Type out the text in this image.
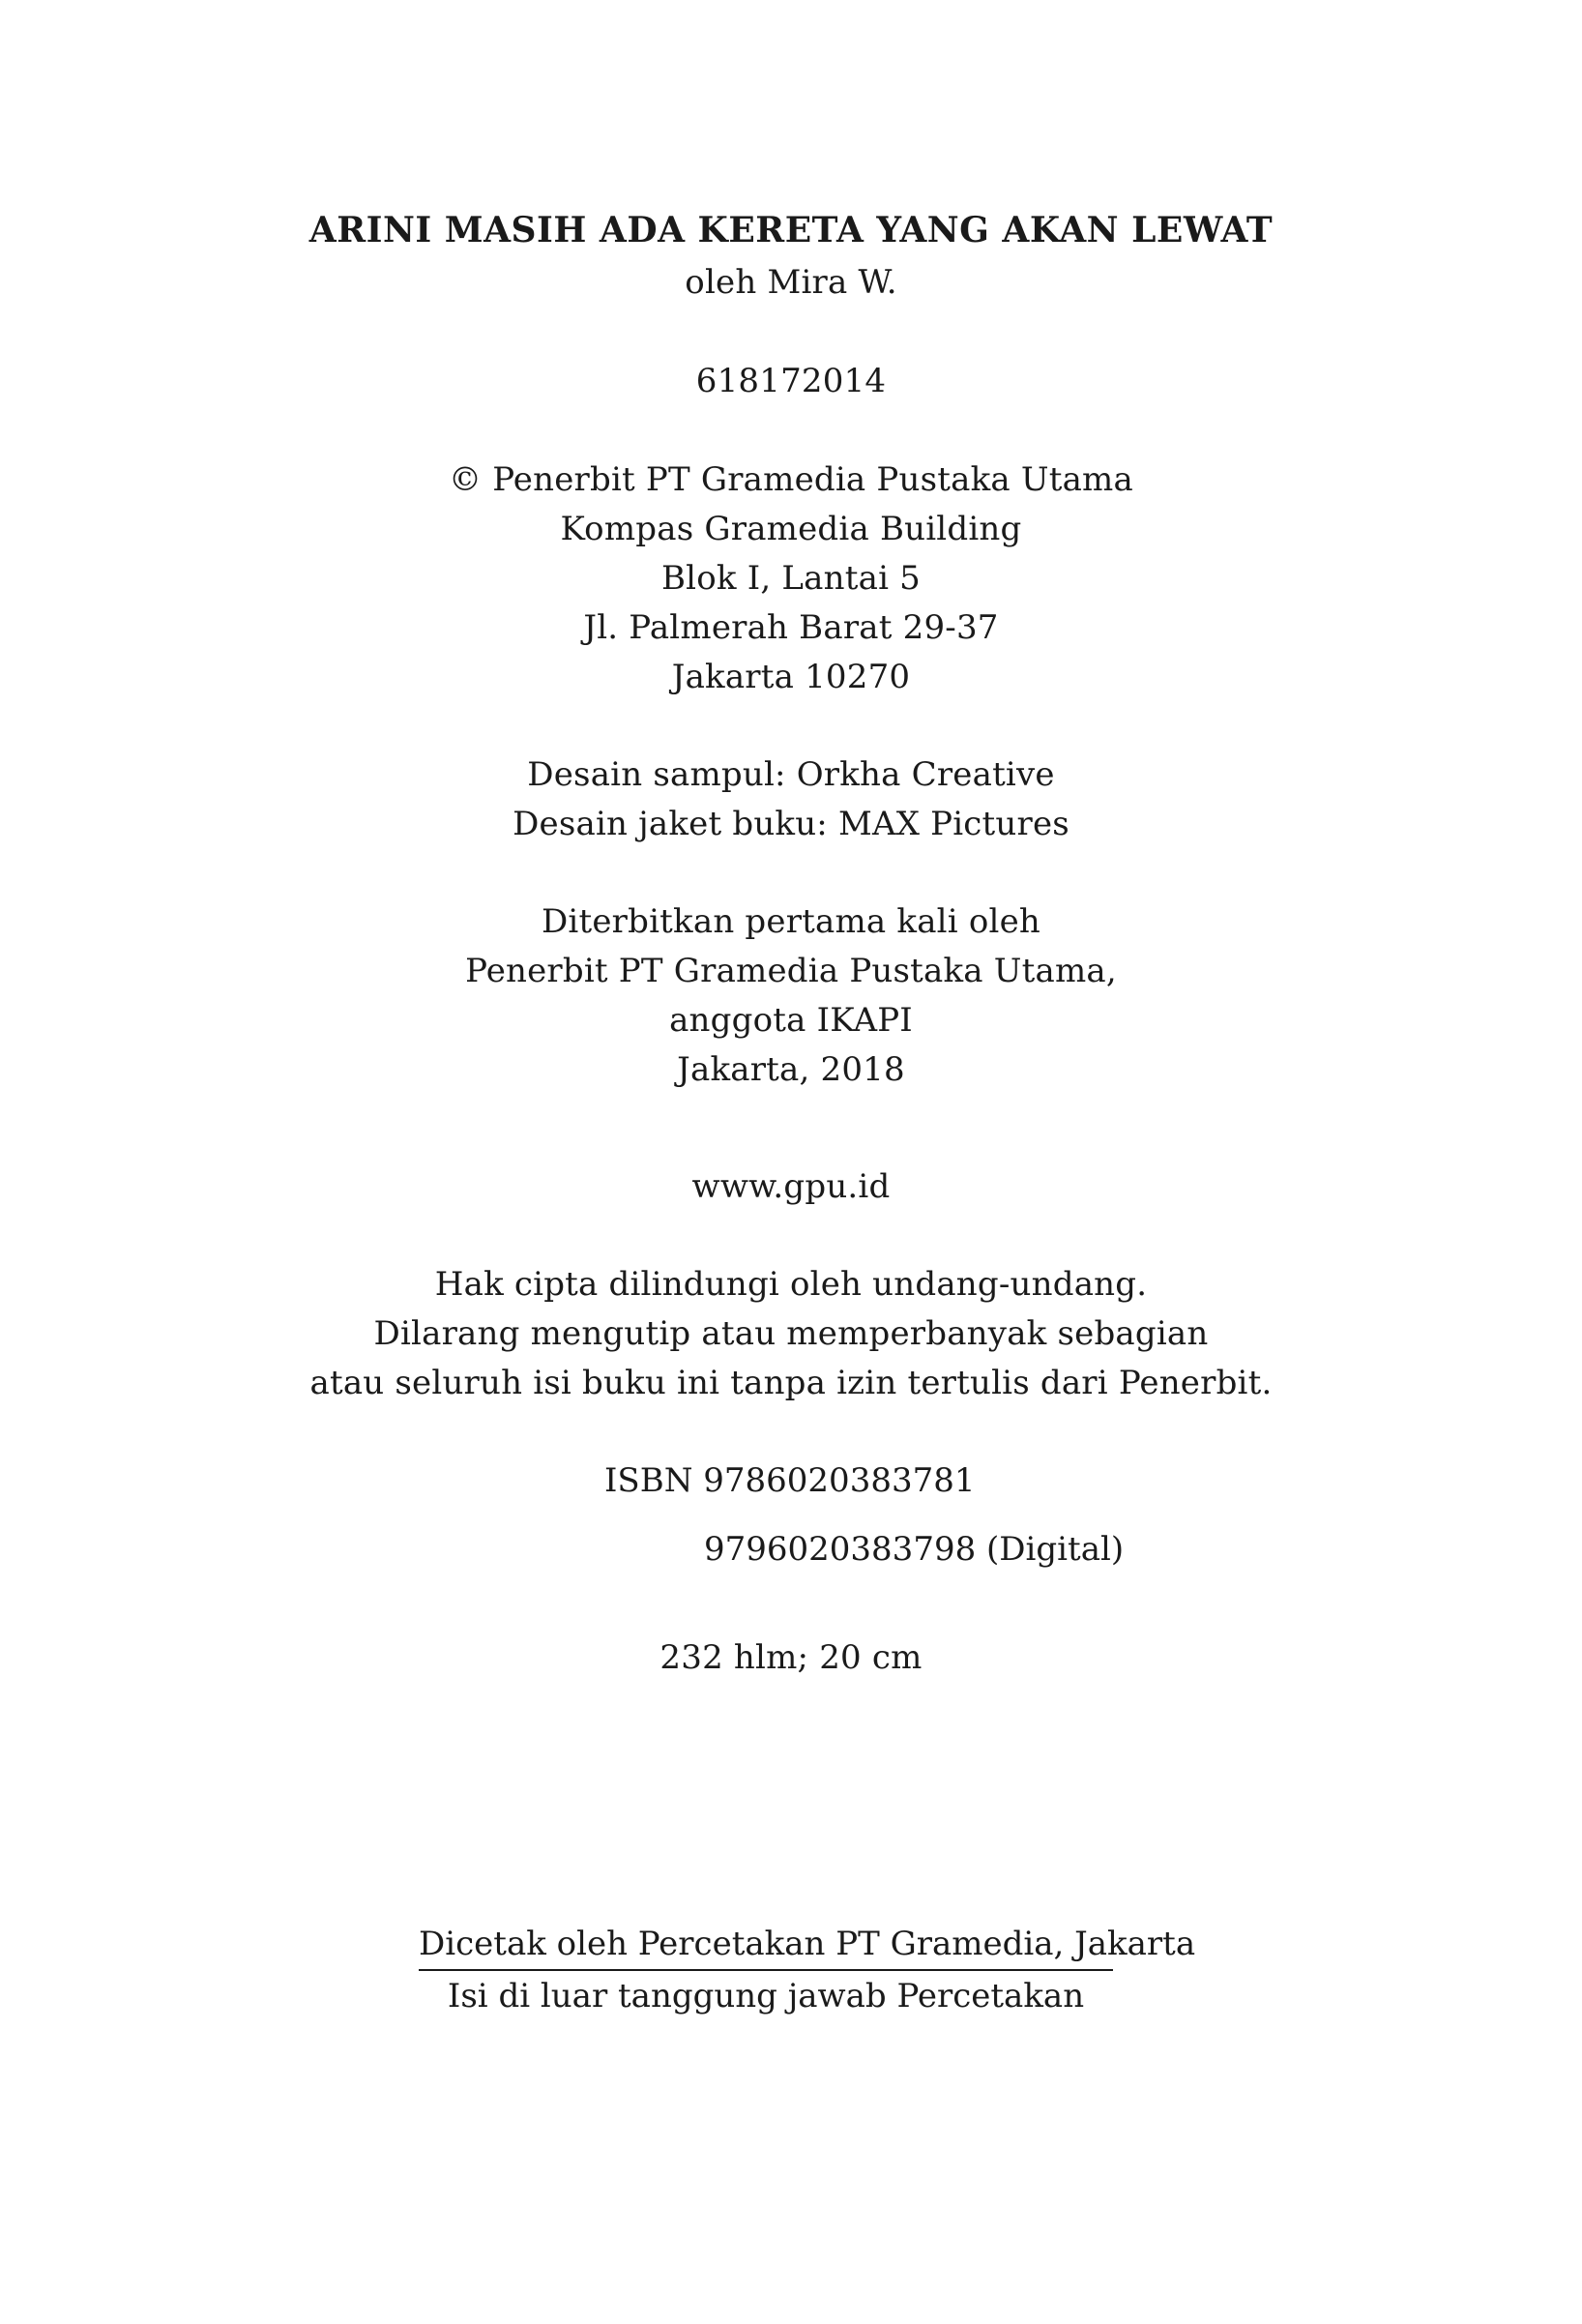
ARINI MASIH ADA KERETA YANG AKAN LEWAT
oleh Mira W.
618172014
© Penerbit PT Gramedia Pustaka Utama
Kompas Gramedia Building
Blok I, Lantai 5
Jl. Palmerah Barat 29-37
Jakarta 10270
Desain sampul: Orkha Creative
Desain jaket buku: MAX Pictures
Diterbitkan pertama kali oleh
Penerbit PT Gramedia Pustaka Utama,
anggota IKAPI
Jakarta, 2018
www.gpu.id
Hak cipta dilindungi oleh undang-undang.
Dilarang mengutip atau memperbanyak sebagian
atau seluruh isi buku ini tanpa izin tertulis dari Penerbit.
ISBN 9786020383781
9796020383798 (Digital)
232 hlm; 20 cm
Dicetak oleh Percetakan PT Gramedia, Jakarta
Isi di luar tanggung jawab Percetakan
